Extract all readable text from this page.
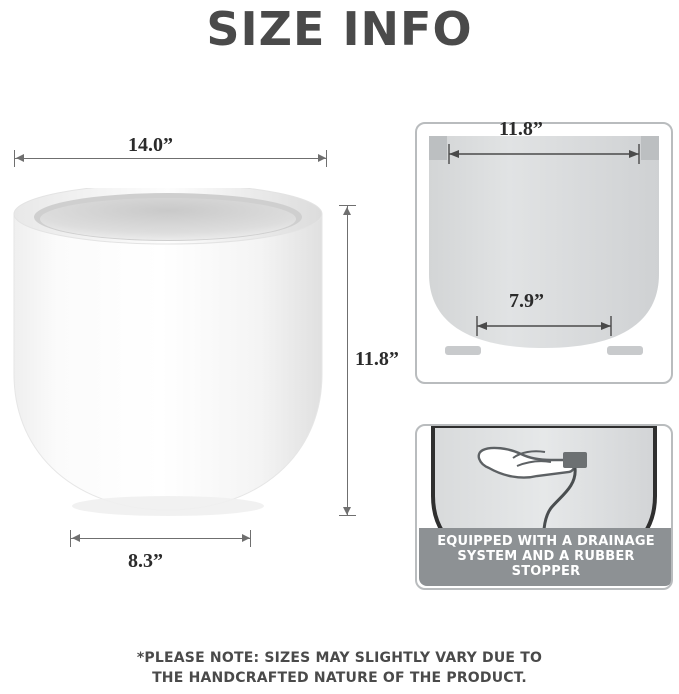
SIZE INFO
14.0”
11.8”
8.3”
11.8”
7.9”
EQUIPPED WITH A DRAINAGE
SYSTEM AND A RUBBER STOPPER
*PLEASE NOTE: SIZES MAY SLIGHTLY VARY DUE TO
THE HANDCRAFTED NATURE OF THE PRODUCT.
